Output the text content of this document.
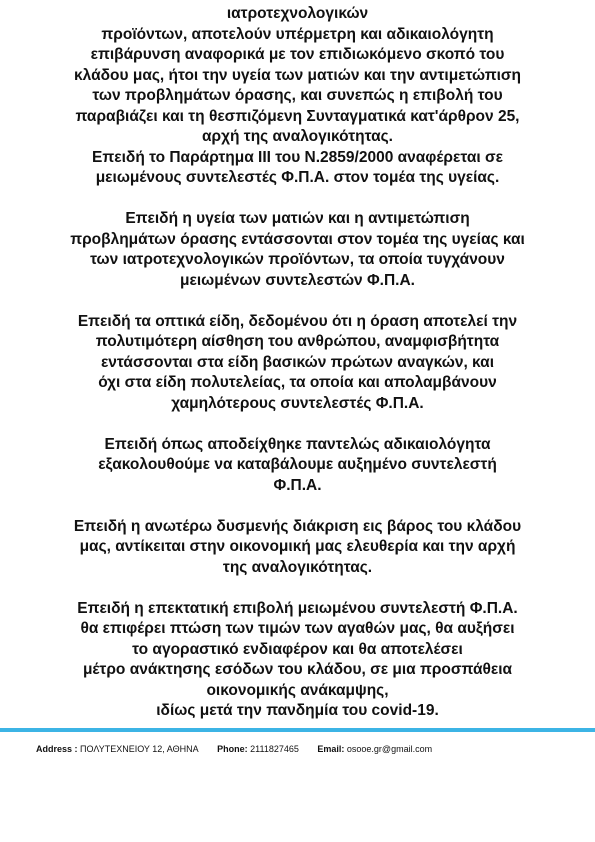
ιατροτεχνολογικών
προϊόντων, αποτελούν υπέρμετρη και αδικαιολόγητη
επιβάρυνση αναφορικά με τον επιδιωκόμενο σκοπό του
κλάδου μας, ήτοι την υγεία των ματιών και την αντιμετώπιση
των προβλημάτων όρασης, και συνεπώς η επιβολή του
παραβιάζει και τη θεσπιζόμενη Συνταγματικά κατ'άρθρον 25,
αρχή της αναλογικότητας.
Επειδή το Παράρτημα ΙΙΙ του Ν.2859/2000 αναφέρεται σε
μειωμένους συντελεστές Φ.Π.Α. στον τομέα της υγείας.
Επειδή η υγεία των ματιών και η αντιμετώπιση
προβλημάτων όρασης εντάσσονται στον τομέα της υγείας και
των ιατροτεχνολογικών προϊόντων, τα οποία τυγχάνουν
μειωμένων συντελεστών Φ.Π.Α.
Επειδή τα οπτικά είδη, δεδομένου ότι η όραση αποτελεί την
πολυτιμότερη αίσθηση του ανθρώπου, αναμφισβήτητα
εντάσσονται στα είδη βασικών πρώτων αναγκών, και
όχι στα είδη πολυτελείας, τα οποία και απολαμβάνουν
χαμηλότερους συντελεστές Φ.Π.Α.
Επειδή όπως αποδείχθηκε παντελώς αδικαιολόγητα
εξακολουθούμε να καταβάλουμε αυξημένο συντελεστή
Φ.Π.Α.
Επειδή η ανωτέρω δυσμενής διάκριση εις βάρος του κλάδου
μας, αντίκειται στην οικονομική μας ελευθερία και την αρχή
της αναλογικότητας.
Επειδή η επεκτατική επιβολή μειωμένου συντελεστή Φ.Π.Α.
θα επιφέρει πτώση των τιμών των αγαθών μας, θα αυξήσει
το αγοραστικό ενδιαφέρον και θα αποτελέσει
μέτρο ανάκτησης εσόδων του κλάδου, σε μια προσπάθεια
οικονομικής ανάκαμψης,
ιδίως μετά την πανδημία του covid-19.
Address : ΠΟΛΥΤΕΧΝΕΙΟΥ 12, ΑΘΗΝΑ Phone: 2111827465 Email: osooe.gr@gmail.com
